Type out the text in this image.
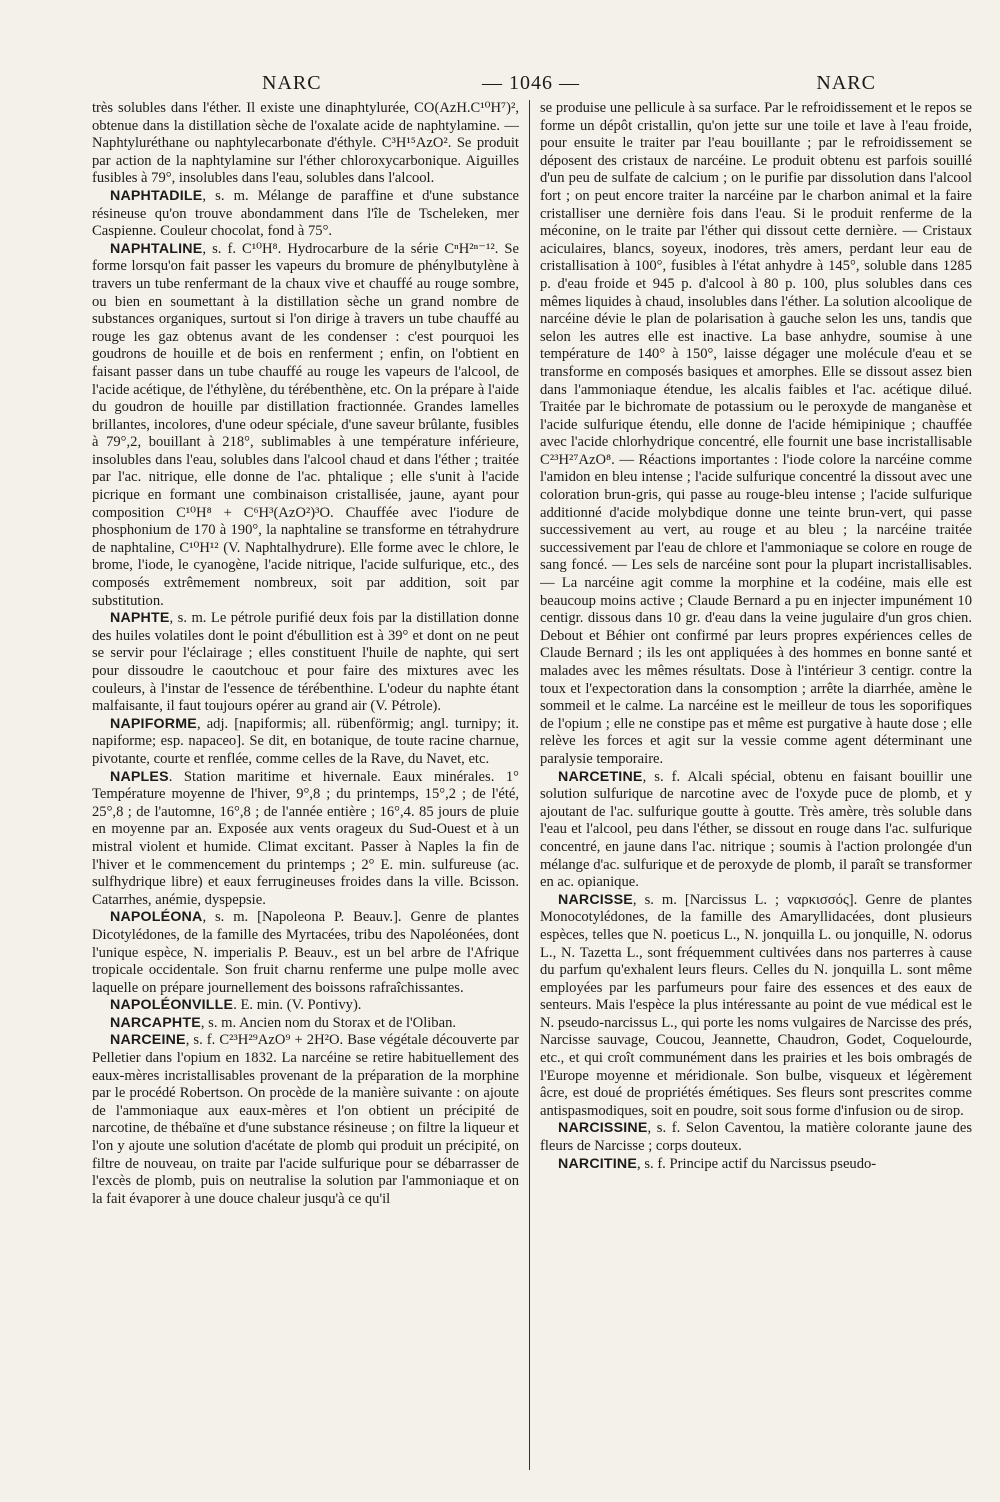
NARC	— 1046 —	NARC

très solubles dans l'éther. Il existe une dinaphtylurée, CO(AzH.C¹⁰H⁷)², obtenue dans la distillation sèche de l'oxalate acide de naphtylamine. — Naphtyluréthane ou naphtylecarbonate d'éthyle. C³H¹⁵AzO². Se produit par action de la naphtylamine sur l'éther chloroxycarbonique. Aiguilles fusibles à 79°, insolubles dans l'eau, solubles dans l'alcool.

NAPHTADILE, s. m. Mélange de paraffine et d'une substance résineuse qu'on trouve abondamment dans l'île de Tscheleken, mer Caspienne. Couleur chocolat, fond à 75°.

NAPHTALINE, s. f. C¹⁰H⁸. Hydrocarbure de la série CⁿH²ⁿ⁻¹². Se forme lorsqu'on fait passer les vapeurs du bromure de phénylbutylène à travers un tube renfermant de la chaux vive et chauffé au rouge sombre, ou bien en soumettant à la distillation sèche un grand nombre de substances organiques, surtout si l'on dirige à travers un tube chauffé au rouge les gaz obtenus avant de les condenser : c'est pourquoi les goudrons de houille et de bois en renferment ; enfin, on l'obtient en faisant passer dans un tube chauffé au rouge les vapeurs de l'alcool, de l'acide acétique, de l'éthylène, du térébenthène, etc. On la prépare à l'aide du goudron de houille par distillation fractionnée. Grandes lamelles brillantes, incolores, d'une odeur spéciale, d'une saveur brûlante, fusibles à 79°,2, bouillant à 218°, sublimables à une température inférieure, insolubles dans l'eau, solubles dans l'alcool chaud et dans l'éther ; traitée par l'ac. nitrique, elle donne de l'ac. phtalique ; elle s'unit à l'acide picrique en formant une combinaison cristallisée, jaune, ayant pour composition C¹⁰H⁸ + C⁶H³(AzO²)³O. Chauffée avec l'iodure de phosphonium de 170 à 190°, la naphtaline se transforme en tétrahydrure de naphtaline, C¹⁰H¹² (V. Naphtalhydrure). Elle forme avec le chlore, le brome, l'iode, le cyanogène, l'acide nitrique, l'acide sulfurique, etc., des composés extrêmement nombreux, soit par addition, soit par substitution.

NAPHTE, s. m. Le pétrole purifié deux fois par la distillation donne des huiles volatiles dont le point d'ébullition est à 39° et dont on ne peut se servir pour l'éclairage ; elles constituent l'huile de naphte, qui sert pour dissoudre le caoutchouc et pour faire des mixtures avec les couleurs, à l'instar de l'essence de térébenthine. L'odeur du naphte étant malfaisante, il faut toujours opérer au grand air (V. Pétrole).

NAPIFORME, adj. [napiformis; all. rübenförmig; angl. turnipy; it. napiforme; esp. napaceo]. Se dit, en botanique, de toute racine charnue, pivotante, courte et renflée, comme celles de la Rave, du Navet, etc.

NAPLES. Station maritime et hivernale. Eaux minérales. 1° Température moyenne de l'hiver, 9°,8 ; du printemps, 15°,2 ; de l'été, 25°,8 ; de l'automne, 16°,8 ; de l'année entière ; 16°,4. 85 jours de pluie en moyenne par an. Exposée aux vents orageux du Sud-Ouest et à un mistral violent et humide. Climat excitant. Passer à Naples la fin de l'hiver et le commencement du printemps ; 2° E. min. sulfureuse (ac. sulfhydrique libre) et eaux ferrugineuses froides dans la ville. Bcisson. Catarrhes, anémie, dyspepsie.

NAPOLÉONA, s. m. [Napoleona P. Beauv.]. Genre de plantes Dicotylédones, de la famille des Myrtacées, tribu des Napoléonées, dont l'unique espèce, N. imperialis P. Beauv., est un bel arbre de l'Afrique tropicale occidentale. Son fruit charnu renferme une pulpe molle avec laquelle on prépare journellement des boissons rafraîchissantes.

NAPOLÉONVILLE. E. min. (V. Pontivy).

NARCAPHTE, s. m. Ancien nom du Storax et de l'Oliban.

NARCEINE, s. f. C²³H²⁹AzO⁹ + 2H²O. Base végétale découverte par Pelletier dans l'opium en 1832. La narcéine se retire habituellement des eaux-mères incristallisables provenant de la préparation de la morphine par le procédé Robertson. On procède de la manière suivante : on ajoute de l'ammoniaque aux eaux-mères et l'on obtient un précipité de narcotine, de thébaïne et d'une substance résineuse ; on filtre la liqueur et l'on y ajoute une solution d'acétate de plomb qui produit un précipité, on filtre de nouveau, on traite par l'acide sulfurique pour se débarrasser de l'excès de plomb, puis on neutralise la solution par l'ammoniaque et on la fait évaporer à une douce chaleur jusqu'à ce qu'il

se produise une pellicule à sa surface. Par le refroidissement et le repos se forme un dépôt cristallin, qu'on jette sur une toile et lave à l'eau froide, pour ensuite le traiter par l'eau bouillante ; par le refroidissement se déposent des cristaux de narcéine. Le produit obtenu est parfois souillé d'un peu de sulfate de calcium ; on le purifie par dissolution dans l'alcool fort ; on peut encore traiter la narcéine par le charbon animal et la faire cristalliser une dernière fois dans l'eau. Si le produit renferme de la méconine, on le traite par l'éther qui dissout cette dernière. — Cristaux aciculaires, blancs, soyeux, inodores, très amers, perdant leur eau de cristallisation à 100°, fusibles à l'état anhydre à 145°, soluble dans 1285 p. d'eau froide et 945 p. d'alcool à 80 p. 100, plus solubles dans ces mêmes liquides à chaud, insolubles dans l'éther. La solution alcoolique de narcéine dévie le plan de polarisation à gauche selon les uns, tandis que selon les autres elle est inactive. La base anhydre, soumise à une température de 140° à 150°, laisse dégager une molécule d'eau et se transforme en composés basiques et amorphes. Elle se dissout assez bien dans l'ammoniaque étendue, les alcalis faibles et l'ac. acétique dilué. Traitée par le bichromate de potassium ou le peroxyde de manganèse et l'acide sulfurique étendu, elle donne de l'acide hémipinique ; chauffée avec l'acide chlorhydrique concentré, elle fournit une base incristallisable C²³H²⁷AzO⁸. — Réactions importantes : l'iode colore la narcéine comme l'amidon en bleu intense ; l'acide sulfurique concentré la dissout avec une coloration brun-gris, qui passe au rouge-bleu intense ; l'acide sulfurique additionné d'acide molybdique donne une teinte brun-vert, qui passe successivement au vert, au rouge et au bleu ; la narcéine traitée successivement par l'eau de chlore et l'ammoniaque se colore en rouge de sang foncé. — Les sels de narcéine sont pour la plupart incristallisables. — La narcéine agit comme la morphine et la codéine, mais elle est beaucoup moins active ; Claude Bernard a pu en injecter impunément 10 centigr. dissous dans 10 gr. d'eau dans la veine jugulaire d'un gros chien. Debout et Béhier ont confirmé par leurs propres expériences celles de Claude Bernard ; ils les ont appliquées à des hommes en bonne santé et malades avec les mêmes résultats. Dose à l'intérieur 3 centigr. contre la toux et l'expectoration dans la consomption ; arrête la diarrhée, amène le sommeil et le calme. La narcéine est le meilleur de tous les soporifiques de l'opium ; elle ne constipe pas et même est purgative à haute dose ; elle relève les forces et agit sur la vessie comme agent déterminant une paralysie temporaire.

NARCETINE, s. f. Alcali spécial, obtenu en faisant bouillir une solution sulfurique de narcotine avec de l'oxyde puce de plomb, et y ajoutant de l'ac. sulfurique goutte à goutte. Très amère, très soluble dans l'eau et l'alcool, peu dans l'éther, se dissout en rouge dans l'ac. sulfurique concentré, en jaune dans l'ac. nitrique ; soumis à l'action prolongée d'un mélange d'ac. sulfurique et de peroxyde de plomb, il paraît se transformer en ac. opianique.

NARCISSE, s. m. [Narcissus L. ; ναρκισσός]. Genre de plantes Monocotylédones, de la famille des Amaryllidacées, dont plusieurs espèces, telles que N. poeticus L., N. jonquilla L. ou jonquille, N. odorus L., N. Tazetta L., sont fréquemment cultivées dans nos parterres à cause du parfum qu'exhalent leurs fleurs. Celles du N. jonquilla L. sont même employées par les parfumeurs pour faire des essences et des eaux de senteurs. Mais l'espèce la plus intéressante au point de vue médical est le N. pseudo-narcissus L., qui porte les noms vulgaires de Narcisse des prés, Narcisse sauvage, Coucou, Jeannette, Chaudron, Godet, Coquelourde, etc., et qui croît communément dans les prairies et les bois ombragés de l'Europe moyenne et méridionale. Son bulbe, visqueux et légèrement âcre, est doué de propriétés émétiques. Ses fleurs sont prescrites comme antispasmodiques, soit en poudre, soit sous forme d'infusion ou de sirop.

NARCISSINE, s. f. Selon Caventou, la matière colorante jaune des fleurs de Narcisse ; corps douteux.

NARCITINE, s. f. Principe actif du Narcissus pseudo-
